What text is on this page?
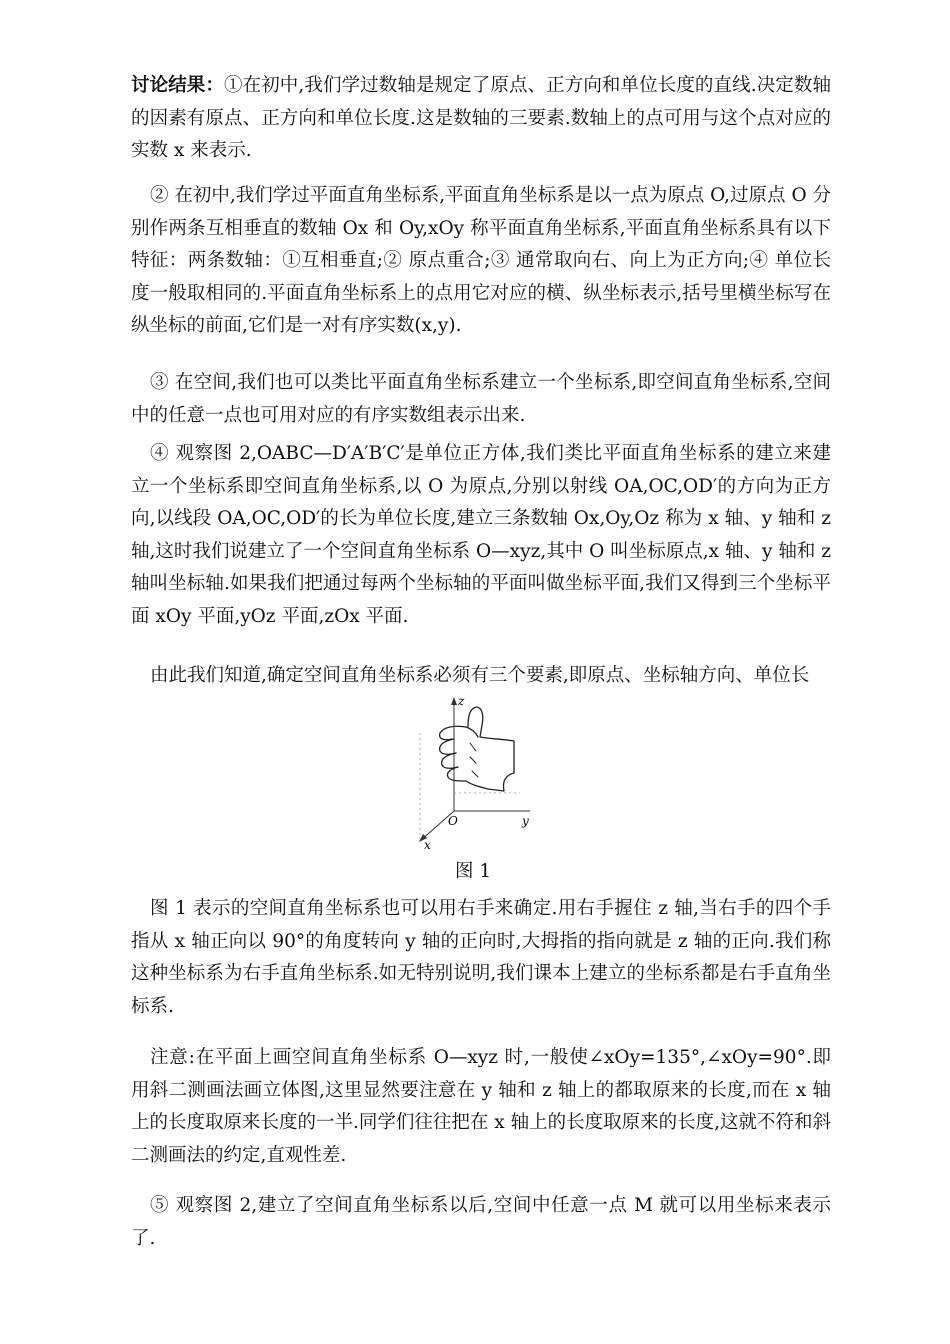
讨论结果：①在初中,我们学过数轴是规定了原点、正方向和单位长度的直线.决定数轴的因素有原点、正方向和单位长度.这是数轴的三要素.数轴上的点可用与这个点对应的实数 x 来表示.

② 在初中,我们学过平面直角坐标系,平面直角坐标系是以一点为原点 O,过原点 O 分别作两条互相垂直的数轴 Ox 和 Oy,xOy 称平面直角坐标系,平面直角坐标系具有以下特征：两条数轴：①互相垂直;② 原点重合;③ 通常取向右、向上为正方向;④ 单位长度一般取相同的.平面直角坐标系上的点用它对应的横、纵坐标表示,括号里横坐标写在纵坐标的前面,它们是一对有序实数(x,y).

③ 在空间,我们也可以类比平面直角坐标系建立一个坐标系,即空间直角坐标系,空间中的任意一点也可用对应的有序实数组表示出来.

④ 观察图 2,OABC—D′A′B′C′是单位正方体,我们类比平面直角坐标系的建立来建立一个坐标系即空间直角坐标系,以 O 为原点,分别以射线 OA,OC,OD′的方向为正方向,以线段 OA,OC,OD′的长为单位长度,建立三条数轴 Ox,Oy,Oz 称为 x 轴、y 轴和 z 轴,这时我们说建立了一个空间直角坐标系 O—xyz,其中 O 叫坐标原点,x 轴、y 轴和 z 轴叫坐标轴.如果我们把通过每两个坐标轴的平面叫做坐标平面,我们又得到三个坐标平面 xOy 平面,yOz 平面,zOx 平面.

由此我们知道,确定空间直角坐标系必须有三个要素,即原点、坐标轴方向、单位长

z
y
x
O
图 1

图 1 表示的空间直角坐标系也可以用右手来确定.用右手握住 z 轴,当右手的四个手指从 x 轴正向以 90°的角度转向 y 轴的正向时,大拇指的指向就是 z 轴的正向.我们称这种坐标系为右手直角坐标系.如无特别说明,我们课本上建立的坐标系都是右手直角坐标系.

注意:在平面上画空间直角坐标系 O—xyz 时,一般使∠xOy=135°,∠xOy=90°.即用斜二测画法画立体图,这里显然要注意在 y 轴和 z 轴上的都取原来的长度,而在 x 轴上的长度取原来长度的一半.同学们往往把在 x 轴上的长度取原来的长度,这就不符和斜二测画法的约定,直观性差.

⑤ 观察图 2,建立了空间直角坐标系以后,空间中任意一点 M 就可以用坐标来表示了.
